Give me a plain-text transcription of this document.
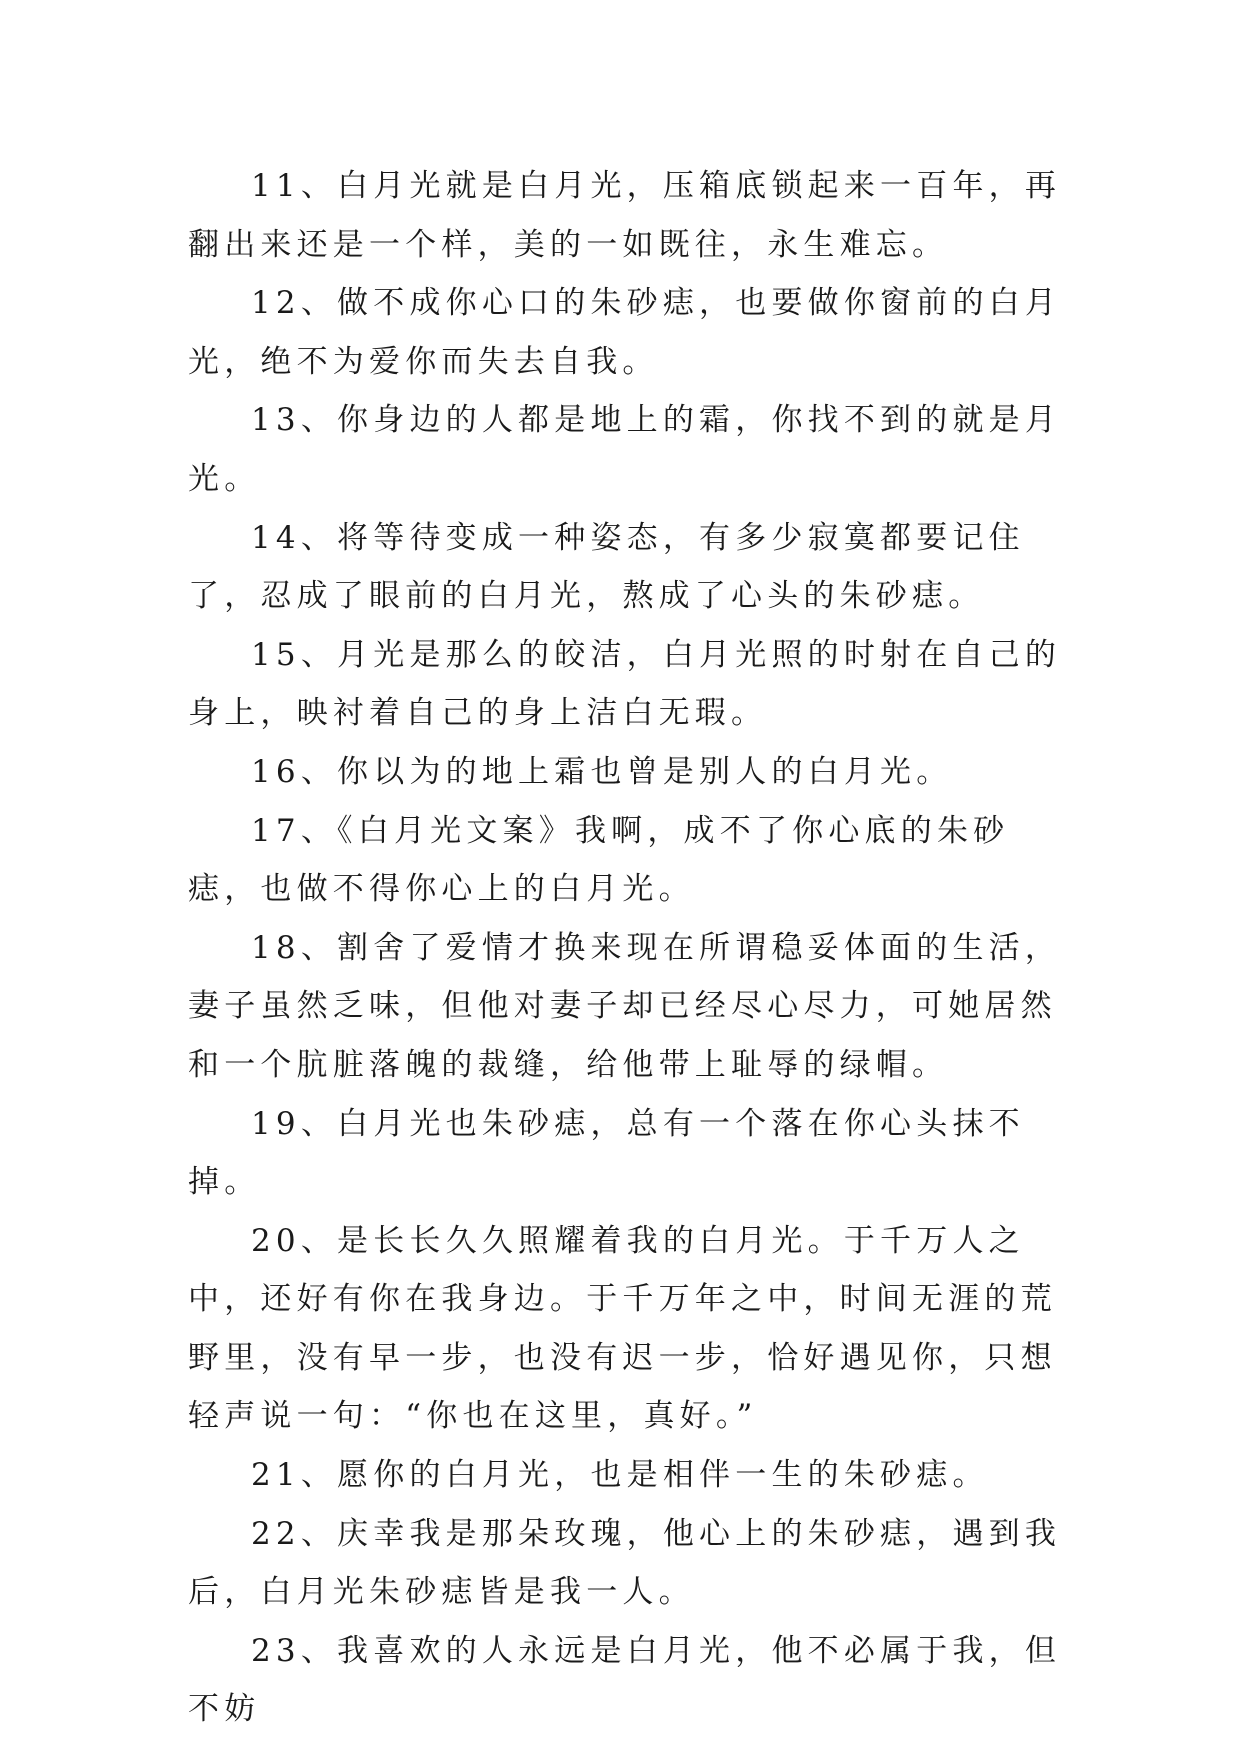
11、白月光就是白月光，压箱底锁起来一百年，再翻出来还是一个样，美的一如既往，永生难忘。

12、做不成你心口的朱砂痣，也要做你窗前的白月光，绝不为爱你而失去自我。

13、你身边的人都是地上的霜，你找不到的就是月光。

14、将等待变成一种姿态，有多少寂寞都要记住了，忍成了眼前的白月光，熬成了心头的朱砂痣。

15、月光是那么的皎洁，白月光照的时射在自己的身上，映衬着自己的身上洁白无瑕。

16、你以为的地上霜也曾是别人的白月光。

17、《白月光文案》我啊，成不了你心底的朱砂痣，也做不得你心上的白月光。

18、割舍了爱情才换来现在所谓稳妥体面的生活，妻子虽然乏味，但他对妻子却已经尽心尽力，可她居然和一个肮脏落魄的裁缝，给他带上耻辱的绿帽。

19、白月光也朱砂痣，总有一个落在你心头抹不掉。

20、是长长久久照耀着我的白月光。于千万人之中，还好有你在我身边。于千万年之中，时间无涯的荒野里，没有早一步，也没有迟一步，恰好遇见你，只想轻声说一句：“你也在这里，真好。”

21、愿你的白月光，也是相伴一生的朱砂痣。

22、庆幸我是那朵玫瑰，他心上的朱砂痣，遇到我后，白月光朱砂痣皆是我一人。

23、我喜欢的人永远是白月光，他不必属于我，但不妨
